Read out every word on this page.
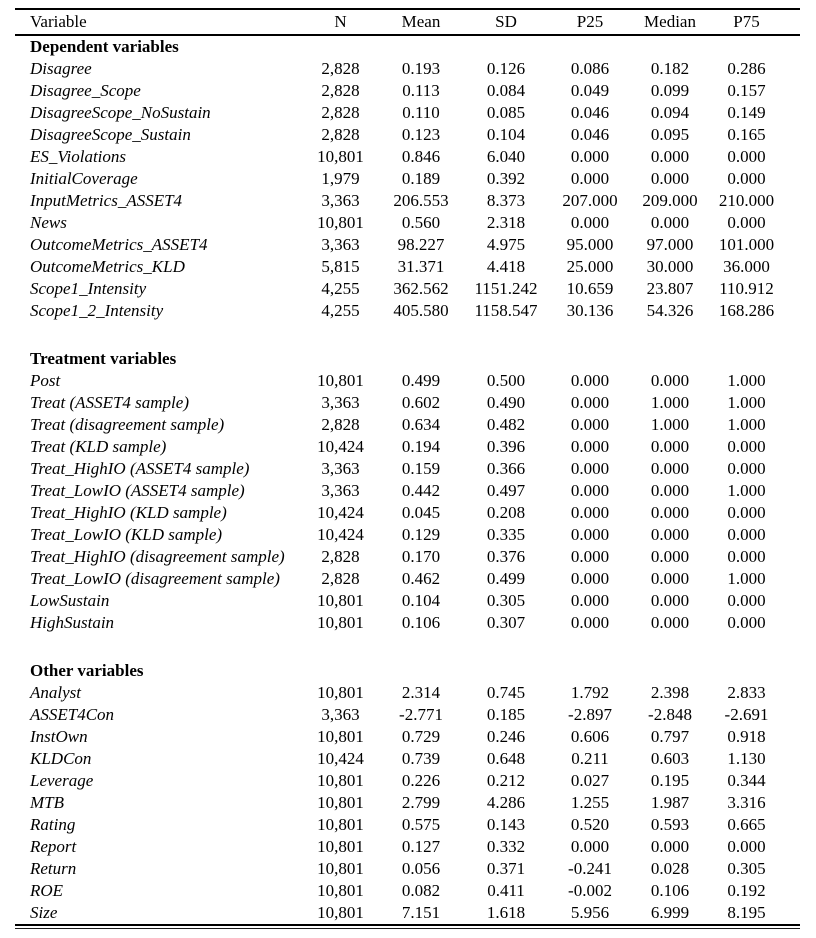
Variable	N	Mean	SD	P25	Median	P75
Dependent variables						
Disagree	2,828	0.193	0.126	0.086	0.182	0.286
Disagree_Scope	2,828	0.113	0.084	0.049	0.099	0.157
DisagreeScope_NoSustain	2,828	0.110	0.085	0.046	0.094	0.149
DisagreeScope_Sustain	2,828	0.123	0.104	0.046	0.095	0.165
ES_Violations	10,801	0.846	6.040	0.000	0.000	0.000
InitialCoverage	1,979	0.189	0.392	0.000	0.000	0.000
InputMetrics_ASSET4	3,363	206.553	8.373	207.000	209.000	210.000
News	10,801	0.560	2.318	0.000	0.000	0.000
OutcomeMetrics_ASSET4	3,363	98.227	4.975	95.000	97.000	101.000
OutcomeMetrics_KLD	5,815	31.371	4.418	25.000	30.000	36.000
Scope1_Intensity	4,255	362.562	1151.242	10.659	23.807	110.912
Scope1_2_Intensity	4,255	405.580	1158.547	30.136	54.326	168.286

Treatment variables						
Post	10,801	0.499	0.500	0.000	0.000	1.000
Treat (ASSET4 sample)	3,363	0.602	0.490	0.000	1.000	1.000
Treat (disagreement sample)	2,828	0.634	0.482	0.000	1.000	1.000
Treat (KLD sample)	10,424	0.194	0.396	0.000	0.000	0.000
Treat_HighIO (ASSET4 sample)	3,363	0.159	0.366	0.000	0.000	0.000
Treat_LowIO (ASSET4 sample)	3,363	0.442	0.497	0.000	0.000	1.000
Treat_HighIO (KLD sample)	10,424	0.045	0.208	0.000	0.000	0.000
Treat_LowIO (KLD sample)	10,424	0.129	0.335	0.000	0.000	0.000
Treat_HighIO (disagreement sample)	2,828	0.170	0.376	0.000	0.000	0.000
Treat_LowIO (disagreement sample)	2,828	0.462	0.499	0.000	0.000	1.000
LowSustain	10,801	0.104	0.305	0.000	0.000	0.000
HighSustain	10,801	0.106	0.307	0.000	0.000	0.000

Other variables						
Analyst	10,801	2.314	0.745	1.792	2.398	2.833
ASSET4Con	3,363	-2.771	0.185	-2.897	-2.848	-2.691
InstOwn	10,801	0.729	0.246	0.606	0.797	0.918
KLDCon	10,424	0.739	0.648	0.211	0.603	1.130
Leverage	10,801	0.226	0.212	0.027	0.195	0.344
MTB	10,801	2.799	4.286	1.255	1.987	3.316
Rating	10,801	0.575	0.143	0.520	0.593	0.665
Report	10,801	0.127	0.332	0.000	0.000	0.000
Return	10,801	0.056	0.371	-0.241	0.028	0.305
ROE	10,801	0.082	0.411	-0.002	0.106	0.192
Size	10,801	7.151	1.618	5.956	6.999	8.195
